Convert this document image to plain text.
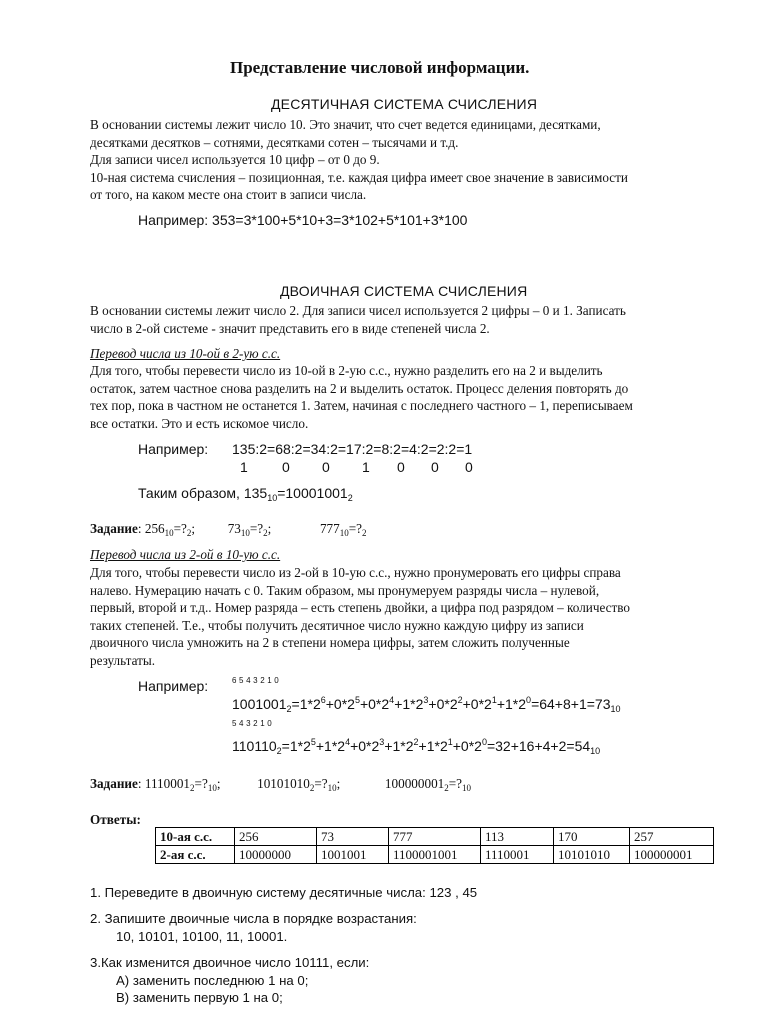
Представление числовой информации.
ДЕСЯТИЧНАЯ СИСТЕМА СЧИСЛЕНИЯ
В основании системы лежит число 10. Это значит, что счет ведется единицами, десятками,
десятками десятков – сотнями, десятками сотен – тысячами и т.д.
Для записи чисел используется 10 цифр – от 0 до 9.
10-ная система счисления – позиционная, т.е. каждая цифра имеет свое значение в зависимости
от того, на каком месте она стоит в записи числа.
Например: 353=3*100+5*10+3=3*102+5*101+3*100
ДВОИЧНАЯ СИСТЕМА СЧИСЛЕНИЯ
В основании системы лежит число 2. Для записи чисел используется 2 цифры – 0 и 1. Записать
число в 2-ой системе - значит представить его в виде степеней числа 2.
Перевод числа из 10-ой в 2-ую с.с.
Для того, чтобы перевести число из 10-ой в 2-ую с.с., нужно разделить его на 2 и выделить
остаток, затем частное снова разделить на 2 и выделить остаток. Процесс деления повторять до
тех пор, пока в частном не останется 1. Затем, начиная с последнего частного – 1, переписываем
все остатки. Это и есть искомое число.
Например: 135:2=68:2=34:2=17:2=8:2=4:2=2:2=1
1 0 0 1 0 0 0
Таким образом, $135_{10}=10001001_2$
Задание: $256_{10}=?_2$; $73_{10}=?_2$;	$777_{10}=?_2$
Перевод числа из 2-ой в 10-ую с.с.
Для того, чтобы перевести число из 2-ой в 10-ую с.с., нужно пронумеровать его цифры справа
налево. Нумерацию начать с 0. Таким образом, мы пронумеруем разряды числа – нулевой,
первый, второй и т.д.. Номер разряда – есть степень двойки, а цифра под разрядом – количество
таких степеней. Т.е., чтобы получить десятичное число нужно каждую цифру из записи
двоичного числа умножить на 2 в степени номера цифры, затем сложить полученные
результаты.
Например:	6543210
$1001001_2=1*2^6+0*2^5+0*2^4+1*2^3+0*2^2+0*2^1+1*2^0=64+8+1=73_{10}$
543210
$110110_2=1*2^5+1*2^4+0*2^3+1*2^2+1*2^1+0*2^0=32+16+4+2=54_{10}$
Задание: $1110001_2=?_{10}$;	$10101010_2=?_{10}$;	$100000001_2=?_{10}$
Ответы:
10-ая с.с.	256	73	777	113	170	257
2-ая с.с.	10000000	1001001	1100001001	1110001	10101010	100000001
1. Переведите в двоичную систему десятичные числа: 123 , 45
2. Запишите двоичные числа в порядке возрастания:
10, 10101, 10100, 11, 10001.
3.Как изменится двоичное число 10111, если:
А) заменить последнюю 1 на 0;
В) заменить первую 1 на 0;
